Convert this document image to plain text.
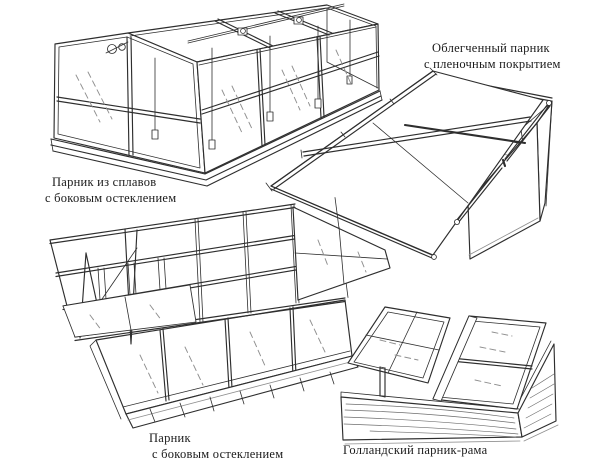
Парник из сплавов
с боковым остеклением
Облегченный парник
с пленочным покрытием
Парник
с боковым остеклением	Голландский парник-рама
